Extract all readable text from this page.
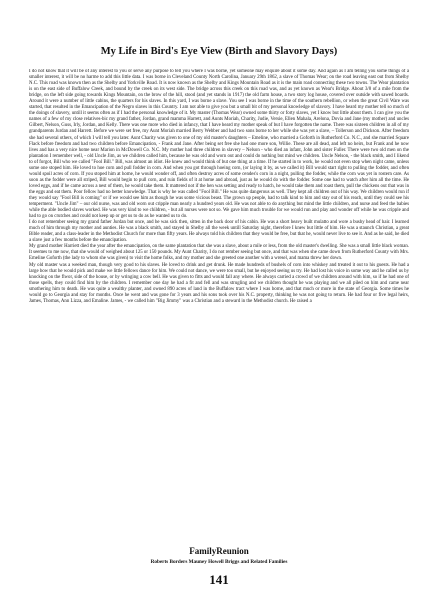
My Life in Bird's Eye View (Birth and Slavory Days)

I do not know that it will be of any interest to you or serve any purpose to tell you where I was borne, yet someone may enquire about it some day. And again as I am telling you some things of a smaller interest, it will be no harme to add this little data. I was borne in Cleveland County North Carolina, January 29th 1862, a slave of Thomas Wear; on the road leaving east out from Shelby N.C. This road was known then as the Shelby and Yorkville Road. It is now known as the Shelby and Kings Mountain Road as it is the main road connecting these two towns. The Wear plantation is on the east side of Buffalow Creek, and bound by the creek on its west side. The bridge across this creek on this road was, and as yet known as Wear's Bridge. About 3/8 of a mile from the bridge, on the left side going towards Kings Mountain, on the brow of the hill, stood (and yet stands in 1917) the old farm house, a two story log house, covered over outside with sawed boards. Around it were a number of little cabins, the quarters for his slaves. In this yard, I was borne a slave. You see I was borne in the time of the southern rebellion, or when the great Civil Ware was started, that resulted in the Emancipation of the Negro slaves in this Country. I am not able to give you but a small bit of my personal knowledge of slavory. I have heard my mother tell so much of the doings of slavery, untill it seems often as if I had the personal knowledge of it. My master (Thomas Wear) owned some thirty or forty slaves, yet I know but little about them. I can give you the names of a few of my close relatives-bic my grand father, Jordan, grand mamma Harrett, and Aunts Moriah, Charity, Judie, Versie, Ellen Mahala, Arelona, Dovia and Jane (my mother) and uncles Gilbert, Nelson, Guss, Irly, Jordan, and Kelly. There was one more who died in infancy, that I have heard my mother speak of but I have forgotten the name. There was sixteen children in all of my grandparents Jurdan and Harrett. Before we were set free, my Aunt Moriah married Berry Webber and had two sons borne to her while she was yet a slave, – Tollerson and Dickson. After freedom she had several others, of which I will tell you later. Aunt Charity was given to one of my old master's daughters – Emeline, who married a Goforth in Rutherford Co. N.C., and she married Square Flack before freedom and had two children before Emancipation, - Frank and Jane. After being set free she had one more son, Willie. These are all dead, and left no heirs, but Frank and he now lives and has a very nice home near Marion in McDowell Co. N.C. My mother had three children in slavery – Nelson - who died an infant, John and sister Fuller. There were two old men on the plantation I remember well, - old Uncle Jim, as we children called him, because he was old and worn out and could do nothing but mind we children. Uncle Nelson, - the black smith, and I likend to of forgot, Bill who we called "Fool Bill." Bill, was almost an idiot. He knew and would think of but one thing at a time. If he started in to work, he would not even stop when night came, unless some one stoped him. He loved to hoe corn and pull fodder in corn. And when you got through hoeing corn, (or laying it by, as we called it) Bill would start right to pulling the fodder, and often would spoil acres of corn. If you stoped him at home, he would wonder off, and often destroy acres of some cendes's corn in a night, pulling the fodder, while the corn was yet in rostern care. As soon as the fodder were all striped, Bill would begin to pull corn, and ruin fields of it at home and abroad, just as he would do with the fodder. Some one had to watch after him all the time. He loved eggs, and if he came across a nest of them, he would take them. It mattered not if the hen was setting and ready to hatch, he would take them and roast them, pull the chickens out that was in the eggs and eat them. Poor fellow had no better knowledge. That is why he was called "Fool Bill." He was quite dangerous as well. They kept all children out of his way. We children would run if they would say "Fool Bill is coming" or if we would see him as though he was some vicious beast. The grown up people, had to talk kind to him and stay out of his reach, until they could see his temperment. "Uncle Jim" – our old nurse, was and old worn out cripple man nearly a hundred years old. He was not able to do anything but mind the little children, and nurse and feed the babies while the able bodied slaves worked. He was very kind to we children, - but all nurses were not so. We gave him much trouble for we would run and play and wonder off while he was cripple and had to go on crutches and could not keep up or get us to do as he wanted us to do.

I do not remember seeing my grand father Jurdan but once, and he was sick then, sitten in the back door of his cabin. He was a short heavy built mulatto and wore a bushy head of hair. I learned much of him through my mother and aunties. He was a black smith, and stayed in Shelby all the week untill Saturday night, therefore I knew but little of him. He was a staunch Christian, a great Bible reader, and a class-leader in the Methodist Church for more than fifty years. He always told his children that they would be free, but that he, would never live to see it. And as he said, he died a slave just a few months before the emancipation.

My grand mother Harriett died the year after the emancipation, on the same plantation that she was a slave, about a mile or less, from the old master's dwelling. She was a small little black woman. It seemes to me now, that she would of weighed about 125 or 150 pounds. My Aunt Charity, I do not rember seeing but once, and that was when she came down from Rutherford County with Mrs. Emeline Goforth (the lady to whom she was given) to visit the home folks, and my mother and she greeted one another with a wresel, and mama threw her down.

My old master was a weeked man, though very good to his slaves. He loved to drink and get drunk. He made hundreds of bushels of corn into whiskey and treated it out to his guests. He had a large bow that he would pick and make we little fellows dance for him. We could not dance, we were too small, but he enjoyed seeing us try. He had lost his voice in some way and he called us by knocking on the flwor, side of the house, or by wringing a cow bell. He was given to fitts and would fall any where. He always carried a crowd of we children around with him, so if he had one of those spells, they could find him by the children. I remember one day he had a fit and fell and was strugling and we children thought he was playing and we all piled on him and came near smothering him to death. He was quite a wealthy planter, and owned 890 acres of land in the Buffalow tract where I was borne, and that much or more in the state of Georgia. Some times he would go to Georgia and stay for months. Once he went and was gone for 3 years and his sons took over his N.C. property, thinking he was not going to return. He had four or five legal heirs, James, Thomas, Ann Lizza, and Emaline. James, - we called him "Big Jimmy" was a Christian and a steward in the Methodist church. He raised a

FamilyReunion
Roberts Borders Mauney Howell Briggs and Related Families
141
